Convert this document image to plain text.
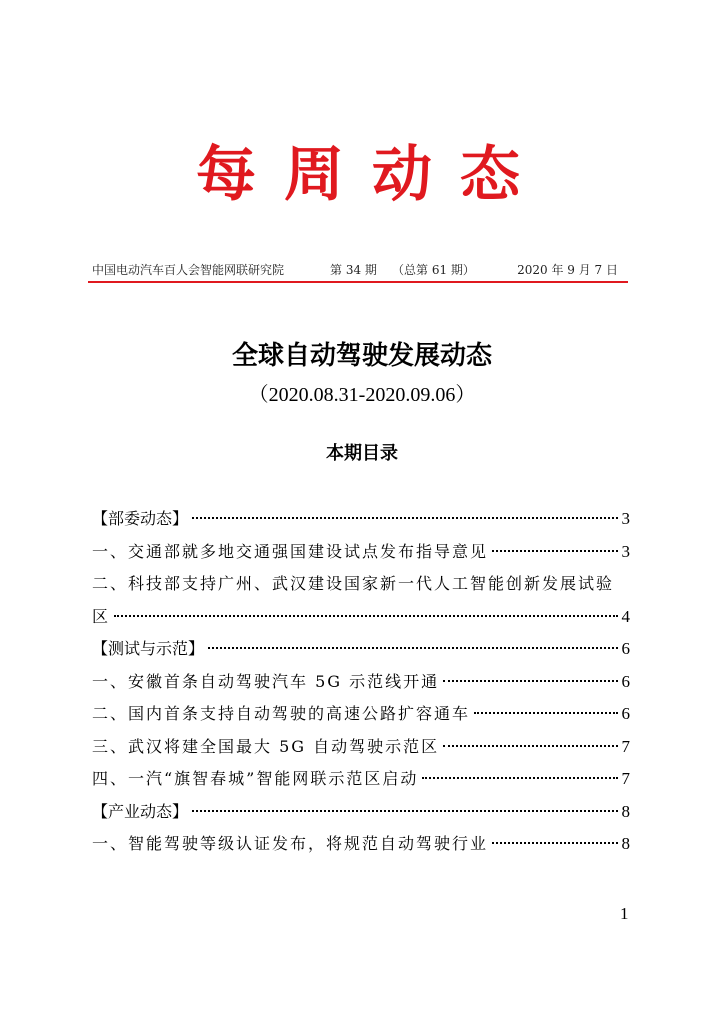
每周动态
中国电动汽车百人会智能网联研究院	第 34 期 （总第 61 期）	2020 年 9 月 7 日
全球自动驾驶发展动态
（2020.08.31-2020.09.06）
本期目录
【部委动态】	3
一、交通部就多地交通强国建设试点发布指导意见	3
二、科技部支持广州、武汉建设国家新一代人工智能创新发展试验
区	4
【测试与示范】	6
一、安徽首条自动驾驶汽车 5G 示范线开通	6
二、国内首条支持自动驾驶的高速公路扩容通车	6
三、武汉将建全国最大 5G 自动驾驶示范区	7
四、一汽“旗智春城”智能网联示范区启动	7
【产业动态】	8
一、智能驾驶等级认证发布，将规范自动驾驶行业	8
1
